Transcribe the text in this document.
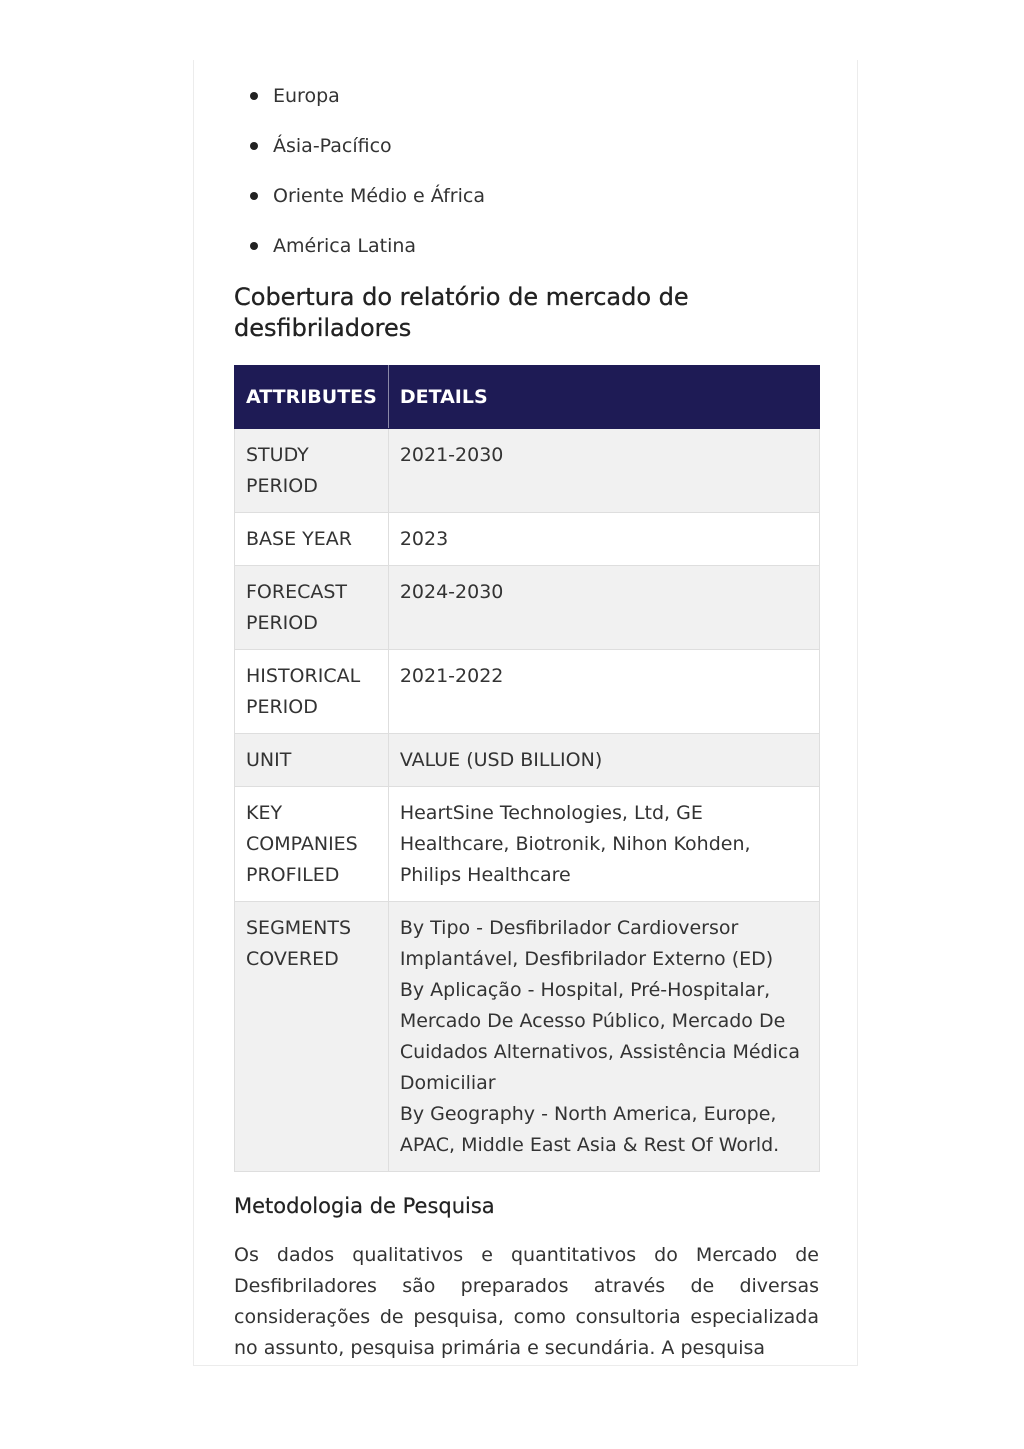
Europa
Ásia-Pacífico
Oriente Médio e África
América Latina
Cobertura do relatório de mercado de desfibriladores
ATTRIBUTES	DETAILS
STUDY PERIOD	2021-2030
BASE YEAR	2023
FORECAST PERIOD	2024-2030
HISTORICAL PERIOD	2021-2022
UNIT	VALUE (USD BILLION)
KEY COMPANIES PROFILED	HeartSine Technologies, Ltd, GE Healthcare, Biotronik, Nihon Kohden, Philips Healthcare
SEGMENTS COVERED	By Tipo - Desfibrilador Cardioversor Implantável, Desfibrilador Externo (ED)
By Aplicação - Hospital, Pré-Hospitalar, Mercado De Acesso Público, Mercado De Cuidados Alternativos, Assistência Médica Domiciliar
By Geography - North America, Europe, APAC, Middle East Asia & Rest Of World.
Metodologia de Pesquisa

Os dados qualitativos e quantitativos do Mercado de Desfibriladores são preparados através de diversas considerações de pesquisa, como consultoria especializada no assunto, pesquisa primária e secundária. A pesquisa
